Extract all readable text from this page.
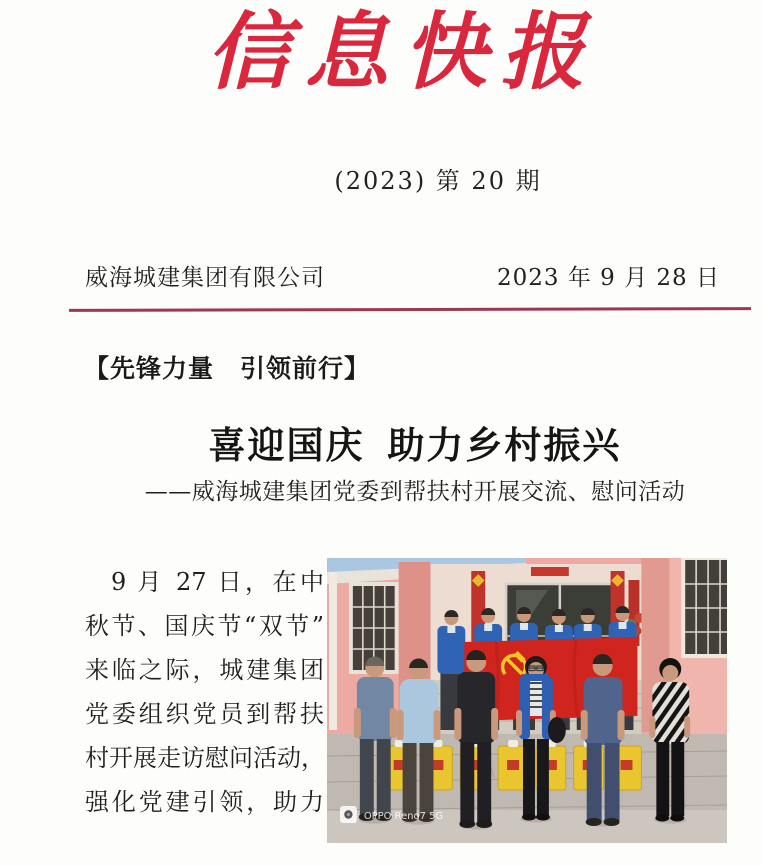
信息快报
(2023) 第 20 期
威海城建集团有限公司	2023 年 9 月 28 日
【先锋力量　引领前行】
喜迎国庆 助力乡村振兴
——威海城建集团党委到帮扶村开展交流、慰问活动
9 月 27 日，在中
秋节、国庆节“双节”
来临之际，城建集团
党委组织党员到帮扶
村开展走访慰问活动，
强化党建引领，助力
OPPO Reno7 5G
